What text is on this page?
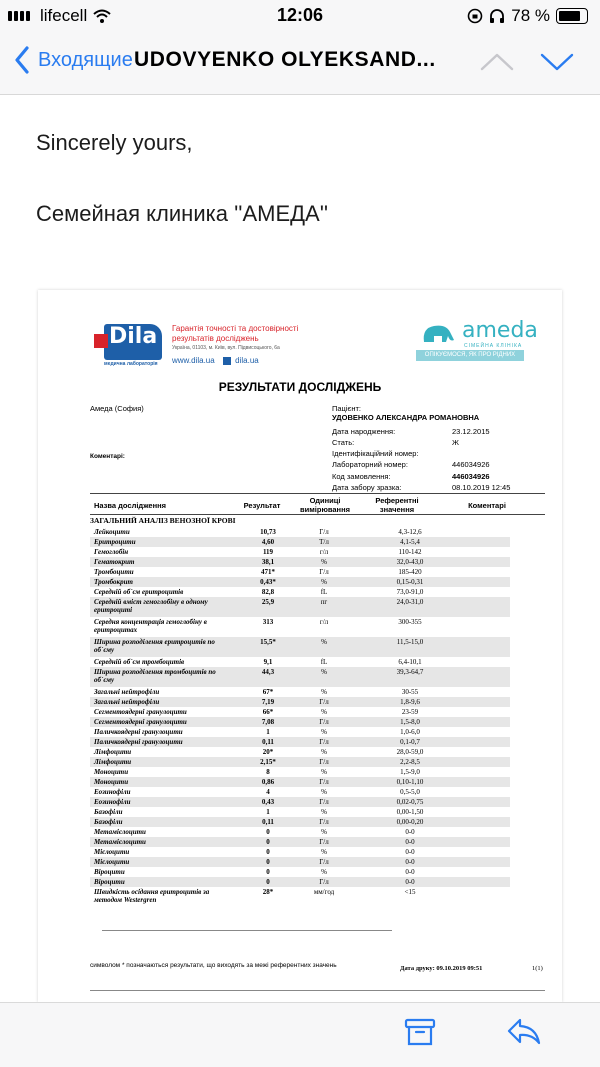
lifecell	12:06	78 %
Входящие UDOVYENKO OLYEKSAND...
Sincerely yours,
Семейная клиника ''АМЕДА''
Dila
медична лабораторія
Гарантія точності та достовірності результатів досліджень
Україна, 01103, м. Київ, вул. Підвисоцького, 6а
www.dila.ua	dila.ua
ameda
СІМЕЙНА КЛІНІКА
ОПІКУЄМОСЯ, ЯК ПРО РІДНИХ
РЕЗУЛЬТАТИ ДОСЛІДЖЕНЬ
Амеда (София)
Коментарі:
Пацієнт:
УДОВЕНКО АЛЕКСАНДРА РОМАНОВНА
Дата народження:	23.12.2015
Стать:	Ж
Ідентифікаційний номер:
Лабораторний номер:	446034926
Код замовлення:	446034926
Дата забору зразка:	08.10.2019 12:45
Назва дослідження	Результат
Одиниці вимірювання
Референтні значення	Коментарі
ЗАГАЛЬНИЙ АНАЛІЗ ВЕНОЗНОЇ КРОВІ
Лейкоцити	10,73	Г/л	4,3-12,6
Еритроцити	4,60	Т/л	4,1-5,4
Гемоглобін	119	г/л	110-142
Гематокрит	38,1	%	32,0-43,0
Тромбоцити	471*	Г/л	185-420
Тромбокрит	0,43*	%	0,15-0,31
Середній об`єм еритроцитів	82,8	fL	73,0-91,0
Середній вміст гемоглобіну в одному еритроциті
25,9	пг	24,0-31,0
Середня концентрація гемоглобіну в еритроцитах
313	г/л	300-355
Ширина розподілення еритроцитів по об`єму
15,5*	%	11,5-15,0
Середній об`єм тромбоцитів	9,1	fL	6,4-10,1
Ширина розподілення тромбоцитів по об`єму
44,3	%	39,3-64,7
Загальні нейтрофіли	67*	%	30-55
Загальні нейтрофіли	7,19	Г/л	1,8-9,6
Сегментоядерні гранулоцити	66*	%	23-59
Сегментоядерні гранулоцити	7,08	Г/л	1,5-8,0
Паличкоядерні гранулоцити	1	%	1,0-6,0
Паличкоядерні гранулоцити	0,11	Г/л	0,1-0,7
Лімфоцити	20*	%	28,0-59,0
Лімфоцити	2,15*	Г/л	2,2-8,5
Моноцити	8	%	1,5-9,0
Моноцити	0,86	Г/л	0,10-1,10
Еозинофіли	4	%	0,5-5,0
Еозинофіли	0,43	Г/л	0,02-0,75
Базофіли	1	%	0,00-1,50
Базофіли	0,11	Г/л	0,00-0,20
Метамієлоцити	0	%	0-0
Метамієлоцити	0	Г/л	0-0
Мієлоцити	0	%	0-0
Мієлоцити	0	Г/л	0-0
Віроцити	0	%	0-0
Віроцити	0	Г/л	0-0
Швидкість осідання еритроцитів за методом Westergren
28*	мм/год	<15
символом * позначаються результати, що виходять за межі референтних значень	Дата друку: 09.10.2019 09:51	1(1)
